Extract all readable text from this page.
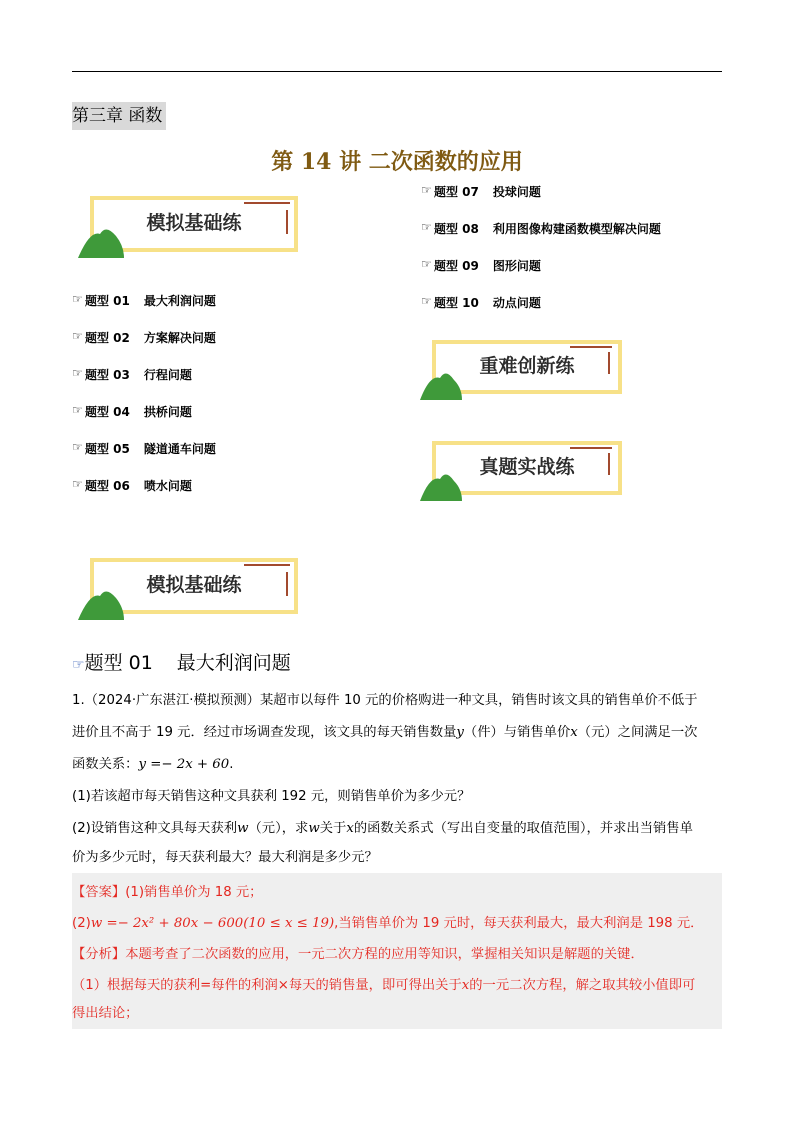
第三章 函数
第 14 讲 二次函数的应用
模拟基础练
☞ 题型 01 最大利润问题
☞ 题型 02 方案解决问题
☞ 题型 03 行程问题
☞ 题型 04 拱桥问题
☞ 题型 05 隧道通车问题
☞ 题型 06 喷水问题
☞ 题型 07 投球问题
☞ 题型 08 利用图像构建函数模型解决问题
☞ 题型 09 图形问题
☞ 题型 10 动点问题
重难创新练
真题实战练
模拟基础练
☞题型 01 最大利润问题
1.（2024·广东湛江·模拟预测）某超市以每件 10 元的价格购进一种文具，销售时该文具的销售单价不低于
进价且不高于 19 元．经过市场调查发现，该文具的每天销售数量y（件）与销售单价x（元）之间满足一次
函数关系：y =− 2x + 60.
(1)若该超市每天销售这种文具获利 192 元，则销售单价为多少元？
(2)设销售这种文具每天获利w（元），求w关于x的函数关系式（写出自变量的取值范围），并求出当销售单
价为多少元时，每天获利最大？最大利润是多少元？
【答案】(1)销售单价为 18 元；
(2)w =− 2x² + 80x − 600(10 ≤ x ≤ 19),当销售单价为 19 元时，每天获利最大，最大利润是 198 元．
【分析】本题考查了二次函数的应用，一元二次方程的应用等知识，掌握相关知识是解题的关键．
（1）根据每天的获利=每件的利润×每天的销售量，即可得出关于x的一元二次方程，解之取其较小值即可
得出结论；
